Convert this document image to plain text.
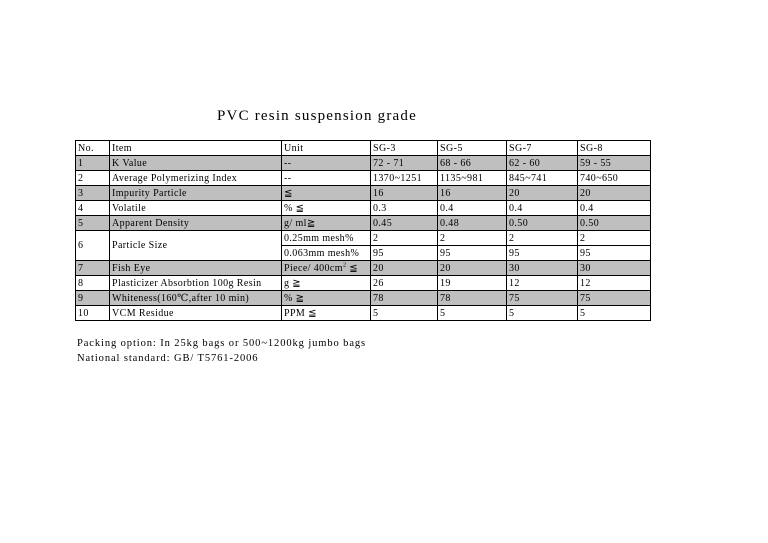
PVC resin suspension grade
No.	Item	Unit	SG-3	SG-5	SG-7	SG-8
1	K Value	--	72 - 71	68 - 66	62 - 60	59 - 55
2	Average Polymerizing Index	--	1370~1251	1135~981	845~741	740~650
3	Impurity Particle	≦	16	16	20	20
4	Volatile	% ≦	0.3	0.4	0.4	0.4
5	Apparent Density	g/ ml≧	0.45	0.48	0.50	0.50
6	Particle Size	0.25mm mesh%	2	2	2	2
		0.063mm mesh%	95	95	95	95
7	Fish Eye	Piece/ $400cm^2$ ≦	20	20	30	30
8	Plasticizer Absorbtion 100g Resin	g ≧	26	19	12	12
9	Whiteness(160℃,after 10 min)	% ≧	78	78	75	75
10	VCM Residue	PPM ≦	5	5	5	5
Packing option: In 25kg bags or 500~1200kg jumbo bags
National standard: GB/ T5761-2006
